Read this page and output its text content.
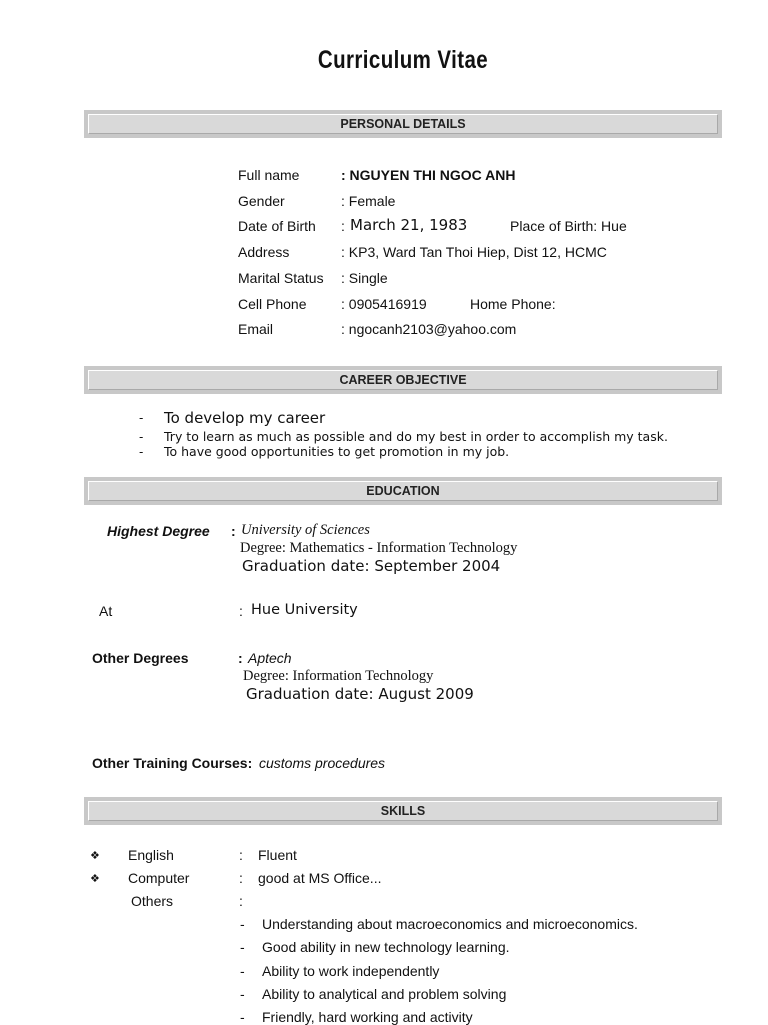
Curriculum Vitae
PERSONAL DETAILS
Full name	: NGUYEN THI NGOC ANH
Gender	: Female
Date of Birth : March 21, 1983	Place of Birth: Hue
Address	: KP3, Ward Tan Thoi Hiep, Dist 12, HCMC
Marital Status : Single
Cell Phone : 0905416919	Home Phone:
Email	: ngocanh2103@yahoo.com
CAREER OBJECTIVE
- To develop my career
- Try to learn as much as possible and do my best in order to accomplish my task.
- To have good opportunities to get promotion in my job.
EDUCATION
Highest Degree : University of Sciences
Degree: Mathematics - Information Technology
Graduation date: September 2004
At	: Hue University
Other Degrees	: Aptech
Degree: Information Technology
Graduation date: August 2009
Other Training Courses: customs procedures
SKILLS
❖ English	: Fluent
❖ Computer	: good at MS Office...
Others	:
- Understanding about macroeconomics and microeconomics.
- Good ability in new technology learning.
- Ability to work independently
- Ability to analytical and problem solving
- Friendly, hard working and activity
